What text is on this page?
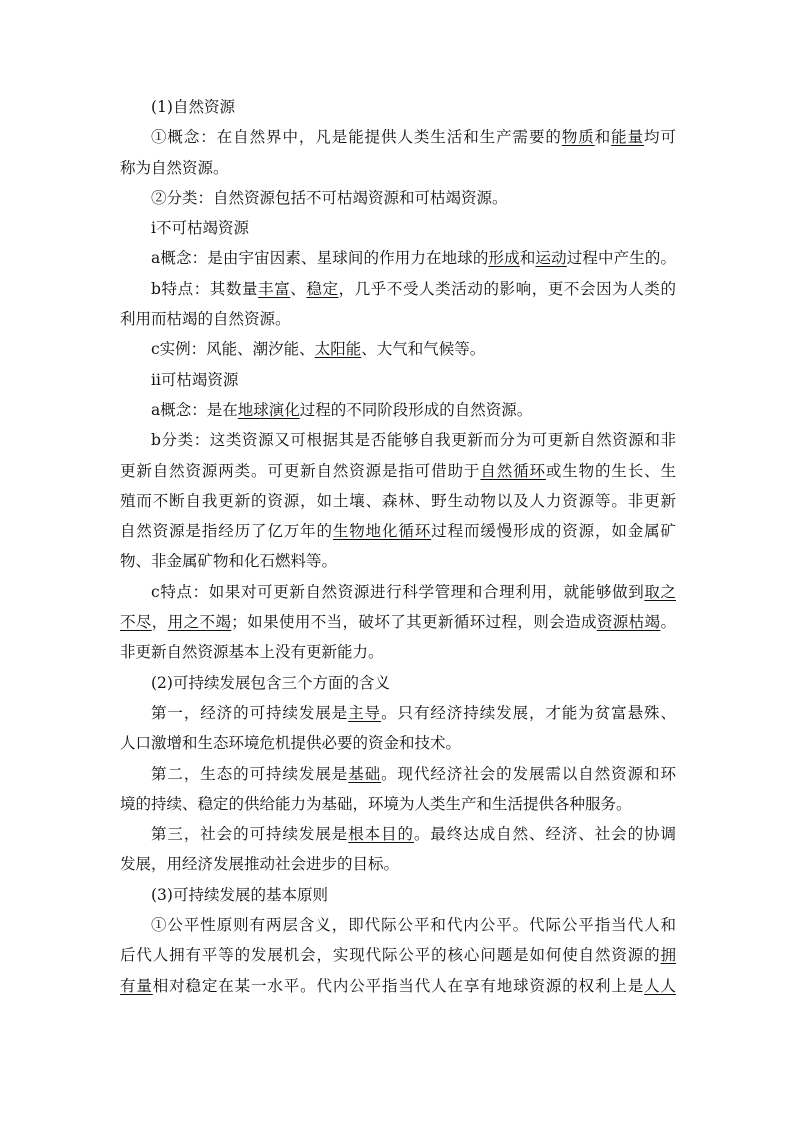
(1)自然资源
①概念：在自然界中，凡是能提供人类生活和生产需要的物质和能量均可
称为自然资源。
②分类：自然资源包括不可枯竭资源和可枯竭资源。
ⅰ不可枯竭资源
a概念：是由宇宙因素、星球间的作用力在地球的形成和运动过程中产生的。
b特点：其数量丰富、稳定，几乎不受人类活动的影响，更不会因为人类的
利用而枯竭的自然资源。
c实例：风能、潮汐能、太阳能、大气和气候等。
ⅱ可枯竭资源
a概念：是在地球演化过程的不同阶段形成的自然资源。
b分类：这类资源又可根据其是否能够自我更新而分为可更新自然资源和非
更新自然资源两类。可更新自然资源是指可借助于自然循环或生物的生长、生
殖而不断自我更新的资源，如土壤、森林、野生动物以及人力资源等。非更新
自然资源是指经历了亿万年的生物地化循环过程而缓慢形成的资源，如金属矿
物、非金属矿物和化石燃料等。
c特点：如果对可更新自然资源进行科学管理和合理利用，就能够做到取之
不尽，用之不竭；如果使用不当，破坏了其更新循环过程，则会造成资源枯竭。
非更新自然资源基本上没有更新能力。
(2)可持续发展包含三个方面的含义
第一，经济的可持续发展是主导。只有经济持续发展，才能为贫富悬殊、
人口激增和生态环境危机提供必要的资金和技术。
第二，生态的可持续发展是基础。现代经济社会的发展需以自然资源和环
境的持续、稳定的供给能力为基础，环境为人类生产和生活提供各种服务。
第三，社会的可持续发展是根本目的。最终达成自然、经济、社会的协调
发展，用经济发展推动社会进步的目标。
(3)可持续发展的基本原则
①公平性原则有两层含义，即代际公平和代内公平。代际公平指当代人和
后代人拥有平等的发展机会，实现代际公平的核心问题是如何使自然资源的拥
有量相对稳定在某一水平。代内公平指当代人在享有地球资源的权利上是人人
